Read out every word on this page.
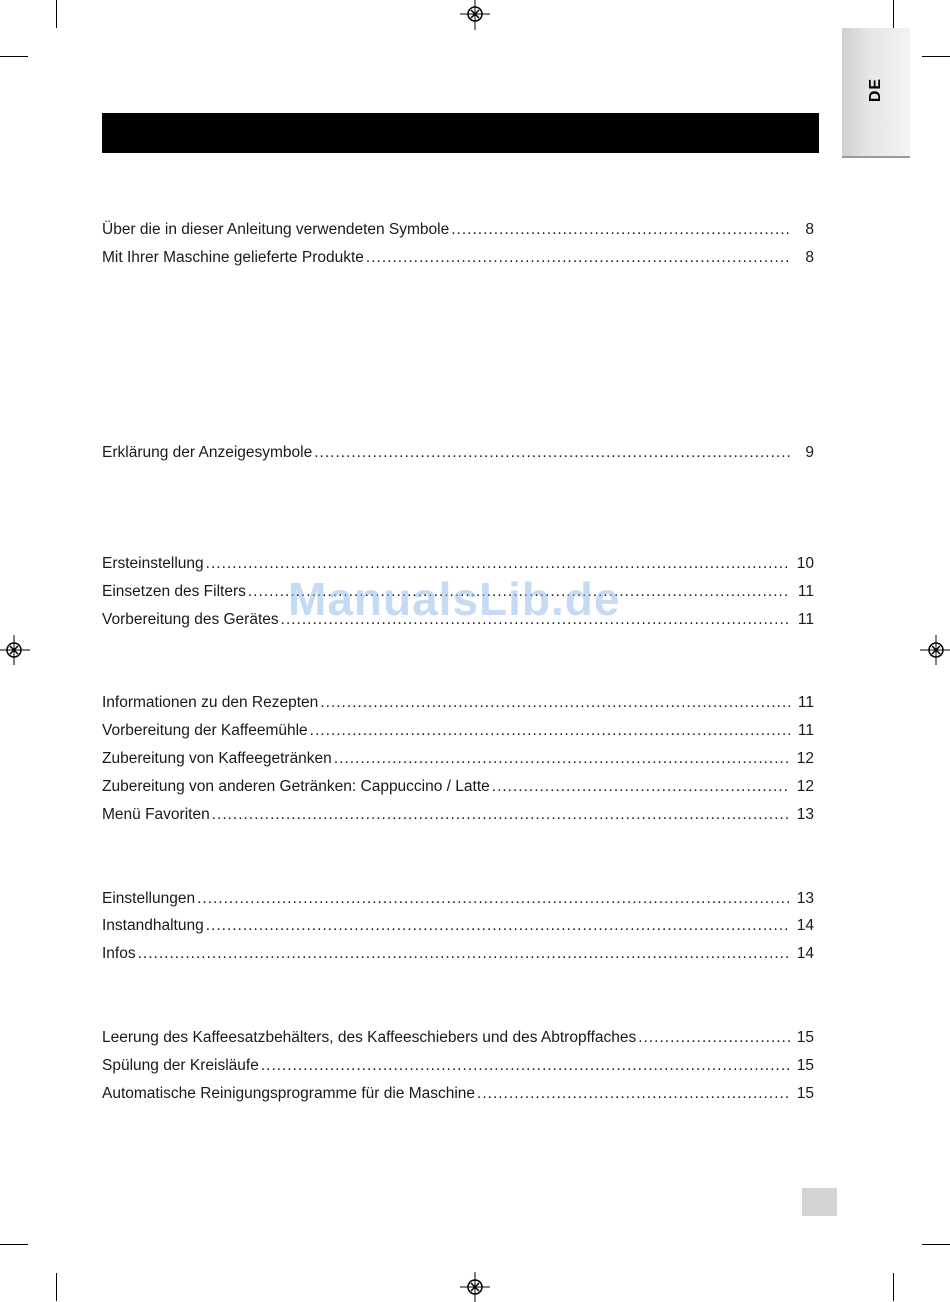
DE
Über die in dieser Anleitung verwendeten Symbole .....	8
Mit Ihrer Maschine gelieferte Produkte .....	8
Erklärung der Anzeigesymbole .....	9
Ersteinstellung .....	10
Einsetzen des Filters .....	11
Vorbereitung des Gerätes .....	11
Informationen zu den Rezepten .....	11
Vorbereitung der Kaffeemühle .....	11
Zubereitung von Kaffeegetränken .....	12
Zubereitung von anderen Getränken: Cappuccino / Latte .....	12
Menü Favoriten .....	13
Einstellungen .....	13
Instandhaltung .....	14
Infos .....	14
Leerung des Kaffeesatzbehälters, des Kaffeeschiebers und des Abtropffaches .....	15
Spülung der Kreisläufe .....	15
Automatische Reinigungsprogramme für die Maschine .....	15
ManualsLib.de
